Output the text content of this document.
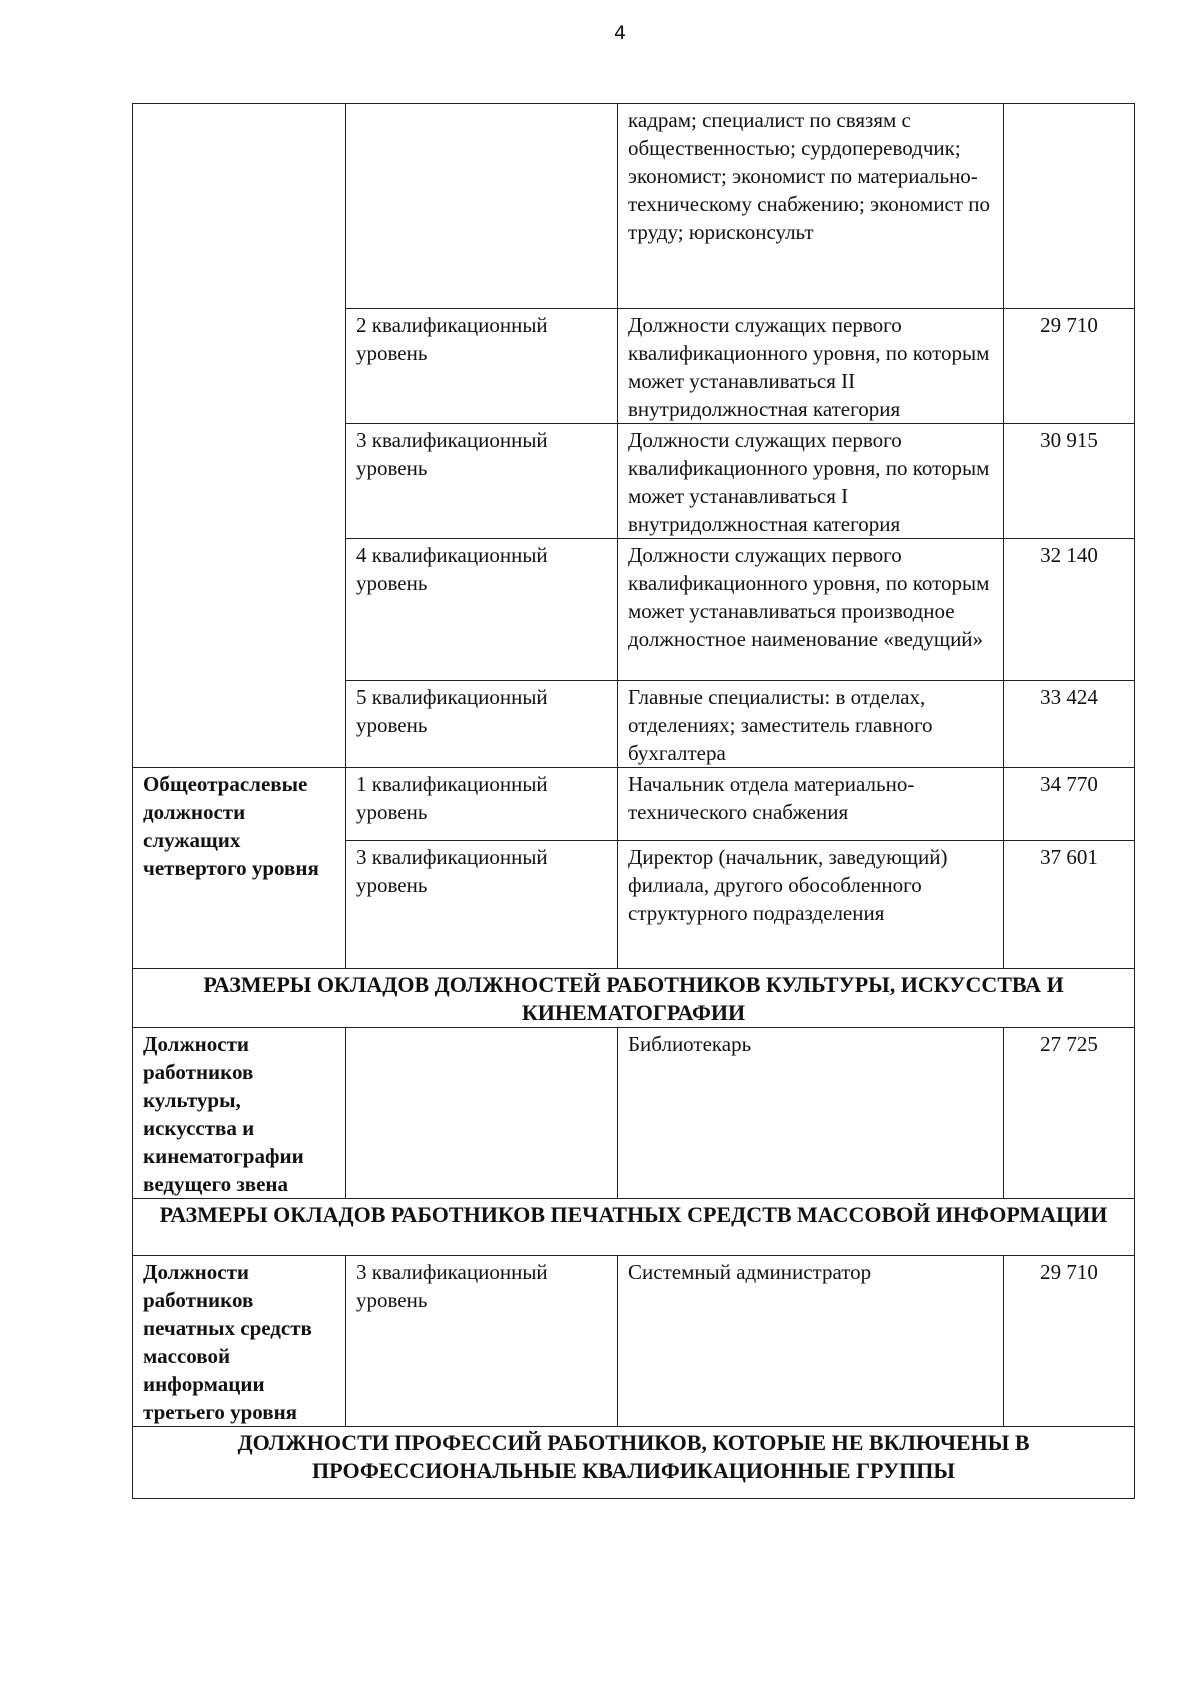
4
		кадрам; специалист по связям с общественностью; сурдопереводчик; экономист; экономист по материально-техническому снабжению; экономист по труду; юрисконсульт	
	2 квалификационный уровень	Должности служащих первого квалификационного уровня, по которым может устанавливаться II внутридолжностная категория	29 710
	3 квалификационный уровень	Должности служащих первого квалификационного уровня, по которым может устанавливаться I внутридолжностная категория	30 915
	4 квалификационный уровень	Должности служащих первого квалификационного уровня, по которым может устанавливаться производное должностное наименование «ведущий»	32 140
	5 квалификационный уровень	Главные специалисты: в отделах, отделениях; заместитель главного бухгалтера	33 424
Общеотраслевые должности служащих четвертого уровня	1 квалификационный уровень	Начальник отдела материально-технического снабжения	34 770
	3 квалификационный уровень	Директор (начальник, заведующий) филиала, другого обособленного структурного подразделения	37 601
РАЗМЕРЫ ОКЛАДОВ ДОЛЖНОСТЕЙ РАБОТНИКОВ КУЛЬТУРЫ, ИСКУССТВА И КИНЕМАТОГРАФИИ			
Должности работников культуры, искусства и кинематографии ведущего звена		Библиотекарь	27 725
РАЗМЕРЫ ОКЛАДОВ РАБОТНИКОВ ПЕЧАТНЫХ СРЕДСТВ МАССОВОЙ ИНФОРМАЦИИ			
Должности работников печатных средств массовой информации третьего уровня	3 квалификационный уровень	Системный администратор	29 710
ДОЛЖНОСТИ ПРОФЕССИЙ РАБОТНИКОВ, КОТОРЫЕ НЕ ВКЛЮЧЕНЫ В ПРОФЕССИОНАЛЬНЫЕ КВАЛИФИКАЦИОННЫЕ ГРУППЫ			
